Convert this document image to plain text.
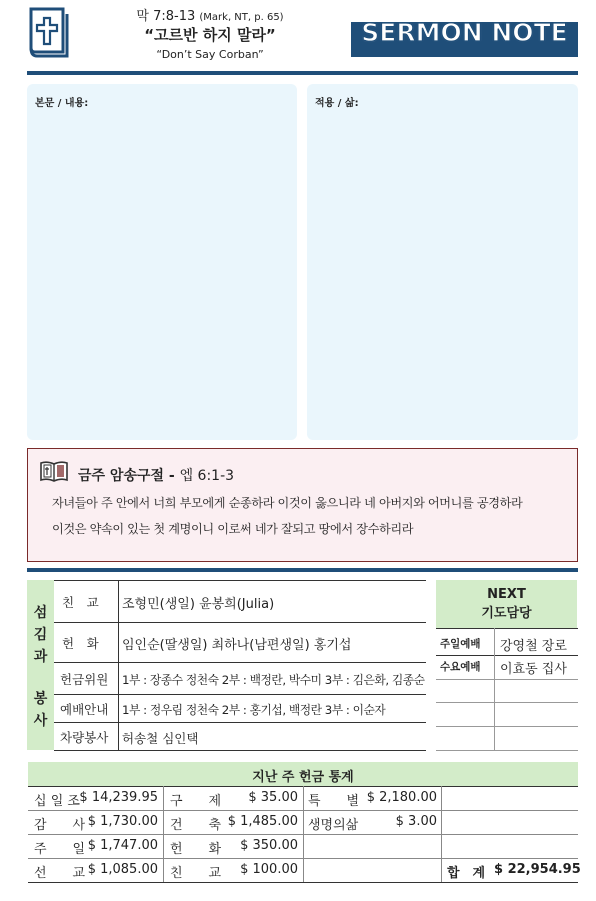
막 7:8-13 (Mark, NT, p. 65)
“고르반 하지 말라”
“Don’t Say Corban”
SERMON NOTE
본문 / 내용:	적용 / 삶:
금주 암송구절 - 엡 6:1-3
자녀들아 주 안에서 너희 부모에게 순종하라 이것이 옳으니라 네 아버지와 어머니를 공경하라
이것은 약속이 있는 첫 계명이니 이로써 네가 잘되고 땅에서 장수하리라
섬
김
과
봉
사
친　교 조형민(생일) 윤봉희(Julia)
헌　화 임인순(딸생일) 최하나(남편생일) 홍기섭
헌금위원 1부 : 장종수 정천숙 2부 : 백정란, 박수미 3부 : 김은화, 김종순
예배안내 1부 : 정우림 정천숙 2부 : 홍기섭, 백정란 3부 : 이순자
차량봉사 허송철 심인택
NEXT
기도담당
주일예배 강영철 장로
수요예배 이효동 집사
지난 주 헌금 통계
십 일 조 $ 14,239.95 구　　제	$ 35.00 특　　별 $ 2,180.00
감　　사 $ 1,730.00 건　　축 $ 1,485.00 생명의삶	$ 3.00
주　　일 $ 1,747.00 헌　　화	$ 350.00
선　　교 $ 1,085.00 친　　교	$ 100.00	합　계 $ 22,954.95
